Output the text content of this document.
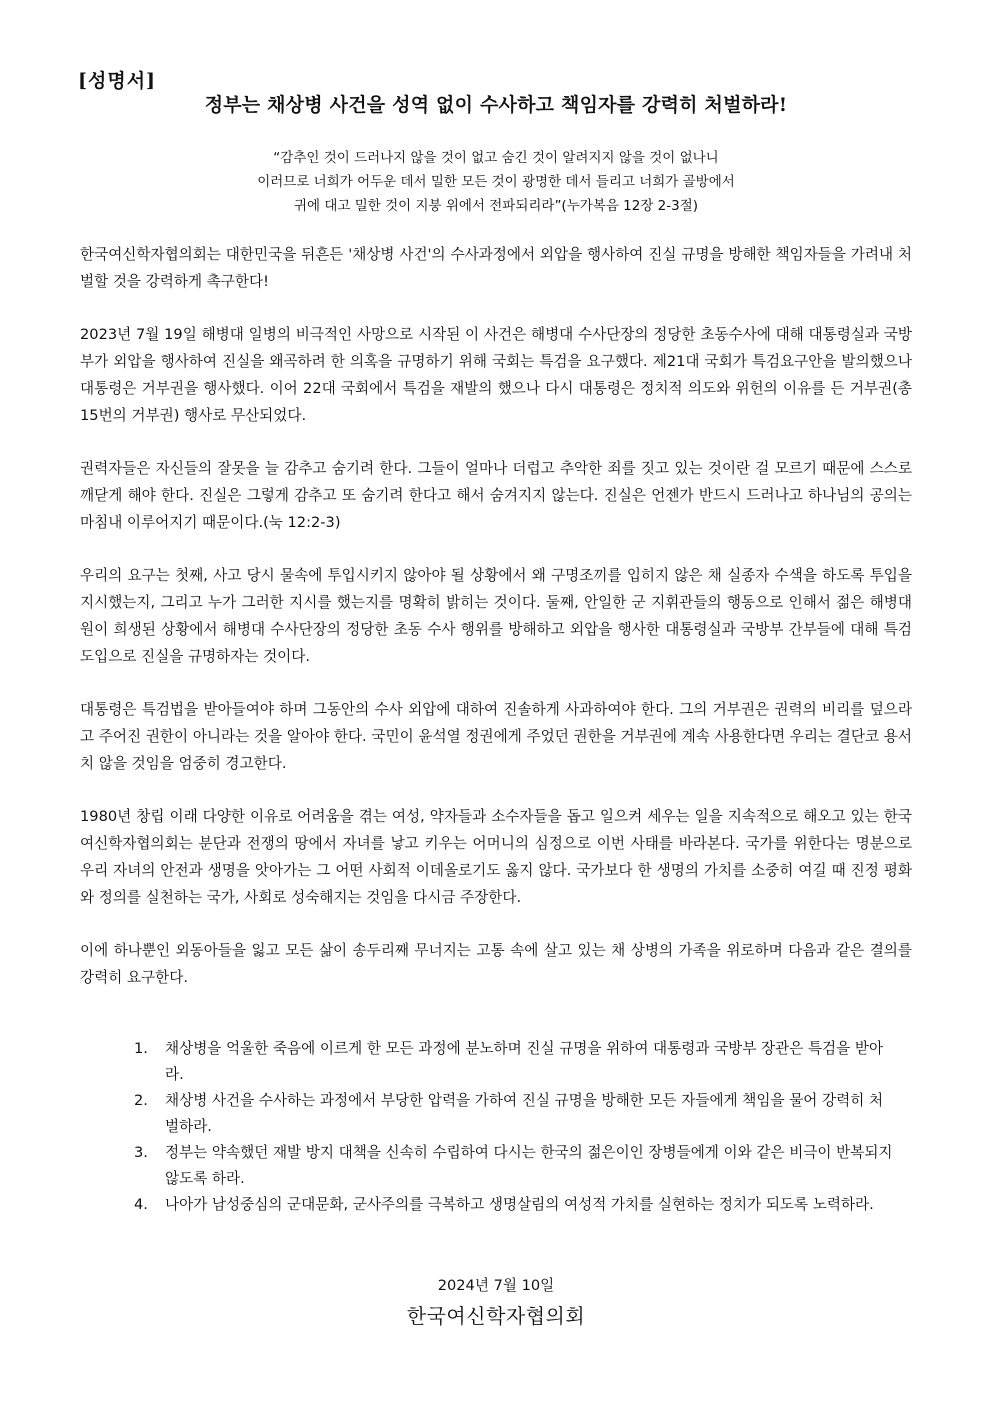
[성명서]
정부는 채상병 사건을 성역 없이 수사하고 책임자를 강력히 처벌하라!
“감추인 것이 드러나지 않을 것이 없고 숨긴 것이 알려지지 않을 것이 없나니
이러므로 너희가 어두운 데서 밀한 모든 것이 광명한 데서 들리고 너희가 골방에서
귀에 대고 밀한 것이 지붕 위에서 전파되리라”(누가복음 12장 2-3절)

한국여신학자협의회는 대한민국을 뒤흔든 '채상병 사건'의 수사과정에서 외압을 행사하여 진실 규명을 방해한 책임자들을 가려내 처벌할 것을 강력하게 촉구한다!

2023년 7월 19일 해병대 일병의 비극적인 사망으로 시작된 이 사건은 해병대 수사단장의 정당한 초동수사에 대해 대통령실과 국방부가 외압을 행사하여 진실을 왜곡하려 한 의혹을 규명하기 위해 국회는 특검을 요구했다. 제21대 국회가 특검요구안을 발의했으나 대통령은 거부권을 행사했다. 이어 22대 국회에서 특검을 재발의 했으나 다시 대통령은 정치적 의도와 위헌의 이유를 든 거부권(총 15번의 거부권) 행사로 무산되었다.

권력자들은 자신들의 잘못을 늘 감추고 숨기려 한다. 그들이 얼마나 더럽고 추악한 죄를 짓고 있는 것이란 걸 모르기 때문에 스스로 깨닫게 해야 한다. 진실은 그렇게 감추고 또 숨기려 한다고 해서 숨겨지지 않는다. 진실은 언젠가 반드시 드러나고 하나님의 공의는 마침내 이루어지기 때문이다.(눅 12:2-3)

우리의 요구는 첫째, 사고 당시 물속에 투입시키지 않아야 될 상황에서 왜 구명조끼를 입히지 않은 채 실종자 수색을 하도록 투입을 지시했는지, 그리고 누가 그러한 지시를 했는지를 명확히 밝히는 것이다. 둘째, 안일한 군 지휘관들의 행동으로 인해서 젊은 해병대원이 희생된 상황에서 해병대 수사단장의 정당한 초동 수사 행위를 방해하고 외압을 행사한 대통령실과 국방부 간부들에 대해 특검 도입으로 진실을 규명하자는 것이다.

대통령은 특검법을 받아들여야 하며 그동안의 수사 외압에 대하여 진솔하게 사과하여야 한다. 그의 거부권은 권력의 비리를 덮으라고 주어진 권한이 아니라는 것을 알아야 한다. 국민이 윤석열 정권에게 주었던 권한을 거부권에 계속 사용한다면 우리는 결단코 용서치 않을 것임을 엄중히 경고한다.

1980년 창립 이래 다양한 이유로 어려움을 겪는 여성, 약자들과 소수자들을 돕고 일으켜 세우는 일을 지속적으로 해오고 있는 한국여신학자협의회는 분단과 전쟁의 땅에서 자녀를 낳고 키우는 어머니의 심정으로 이번 사태를 바라본다. 국가를 위한다는 명분으로 우리 자녀의 안전과 생명을 앗아가는 그 어떤 사회적 이데올로기도 옳지 않다. 국가보다 한 생명의 가치를 소중히 여길 때 진정 평화와 정의를 실천하는 국가, 사회로 성숙해지는 것임을 다시금 주장한다.

이에 하나뿐인 외동아들을 잃고 모든 삶이 송두리째 무너지는 고통 속에 살고 있는 채 상병의 가족을 위로하며 다음과 같은 결의를 강력히 요구한다.

1. 채상병을 억울한 죽음에 이르게 한 모든 과정에 분노하며 진실 규명을 위하여 대통령과 국방부 장관은 특검을 받아라.
2. 채상병 사건을 수사하는 과정에서 부당한 압력을 가하여 진실 규명을 방해한 모든 자들에게 책임을 물어 강력히 처벌하라.
3. 정부는 약속했던 재발 방지 대책을 신속히 수립하여 다시는 한국의 젊은이인 장병들에게 이와 같은 비극이 반복되지 않도록 하라.
4. 나아가 남성중심의 군대문화, 군사주의를 극복하고 생명살림의 여성적 가치를 실현하는 정치가 되도록 노력하라.
2024년 7월 10일
한국여신학자협의회
